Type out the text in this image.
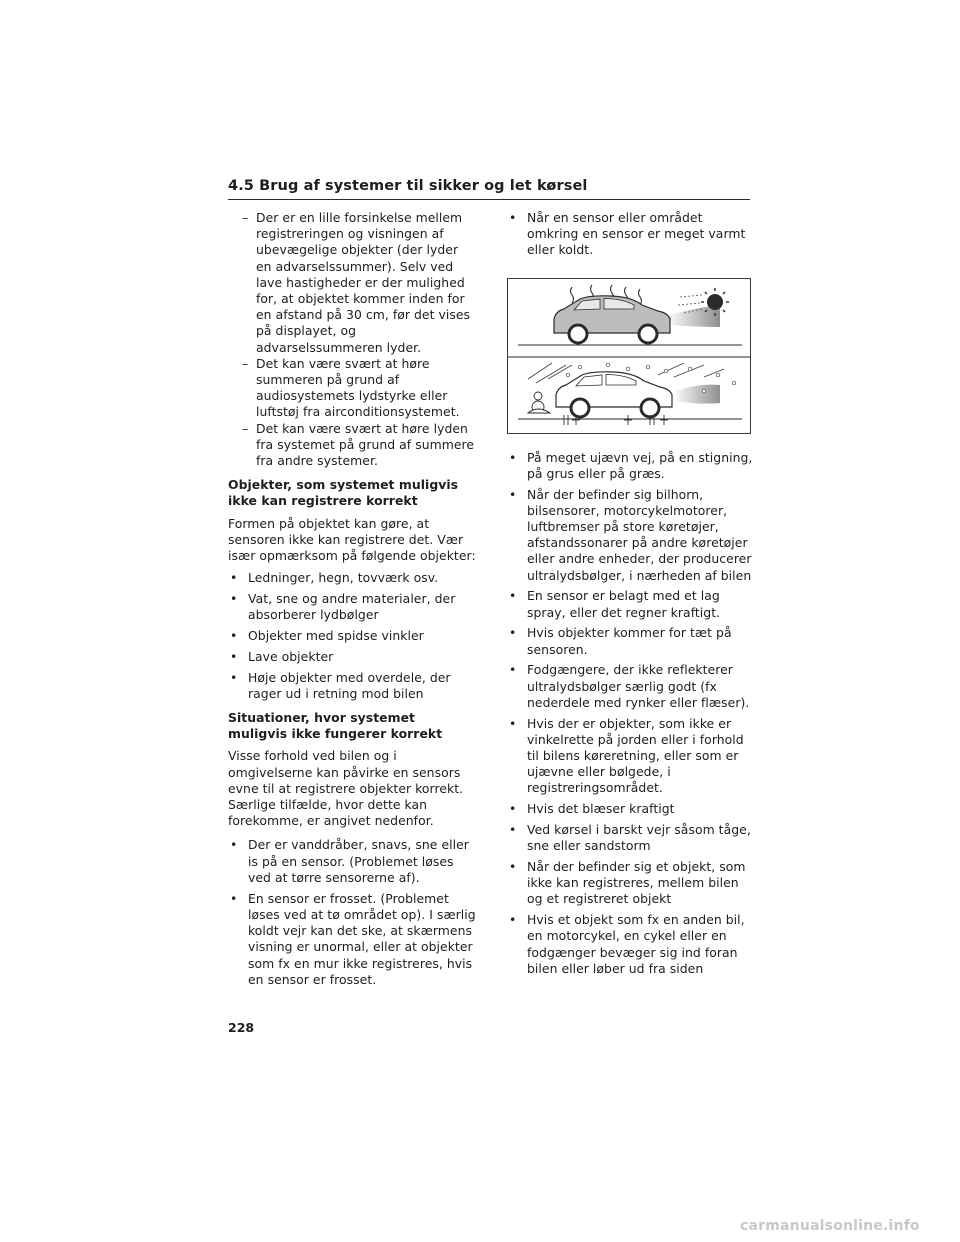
4.5 Brug af systemer til sikker og let kørsel
– Der er en lille forsinkelse mellem registreringen og visningen af ubevægelige objekter (der lyder en advarselssummer). Selv ved lave hastigheder er der mulighed for, at objektet kommer inden for en afstand på 30 cm, før det vises på displayet, og advarselssummeren lyder.
– Det kan være svært at høre summeren på grund af audiosystemets lydstyrke eller luftstøj fra airconditionsystemet.
– Det kan være svært at høre lyden fra systemet på grund af summere fra andre systemer.
Objekter, som systemet muligvis ikke kan registrere korrekt
Formen på objektet kan gøre, at sensoren ikke kan registrere det. Vær især opmærksom på følgende objekter:
• Ledninger, hegn, tovværk osv.
• Vat, sne og andre materialer, der absorberer lydbølger
• Objekter med spidse vinkler
• Lave objekter
• Høje objekter med overdele, der rager ud i retning mod bilen
Situationer, hvor systemet muligvis ikke fungerer korrekt
Visse forhold ved bilen og i omgivelserne kan påvirke en sensors evne til at registrere objekter korrekt. Særlige tilfælde, hvor dette kan forekomme, er angivet nedenfor.
• Der er vanddråber, snavs, sne eller is på en sensor. (Problemet løses ved at tørre sensorerne af).
• En sensor er frosset. (Problemet løses ved at tø området op). I særlig koldt vejr kan det ske, at skærmens visning er unormal, eller at objekter som fx en mur ikke registreres, hvis en sensor er frosset.
• Når en sensor eller området omkring en sensor er meget varmt eller koldt.
• På meget ujævn vej, på en stigning, på grus eller på græs.
• Når der befinder sig bilhorn, bilsensorer, motorcykelmotorer, luftbremser på store køretøjer, afstandssonarer på andre køretøjer eller andre enheder, der producerer ultralydsbølger, i nærheden af bilen
• En sensor er belagt med et lag spray, eller det regner kraftigt.
• Hvis objekter kommer for tæt på sensoren.
• Fodgængere, der ikke reflekterer ultralydsbølger særlig godt (fx nederdele med rynker eller flæser).
• Hvis der er objekter, som ikke er vinkelrette på jorden eller i forhold til bilens køreretning, eller som er ujævne eller bølgede, i registreringsområdet.
• Hvis det blæser kraftigt
• Ved kørsel i barskt vejr såsom tåge, sne eller sandstorm
• Når der befinder sig et objekt, som ikke kan registreres, mellem bilen og et registreret objekt
• Hvis et objekt som fx en anden bil, en motorcykel, en cykel eller en fodgænger bevæger sig ind foran bilen eller løber ud fra siden
228
carmanualsonline.info
